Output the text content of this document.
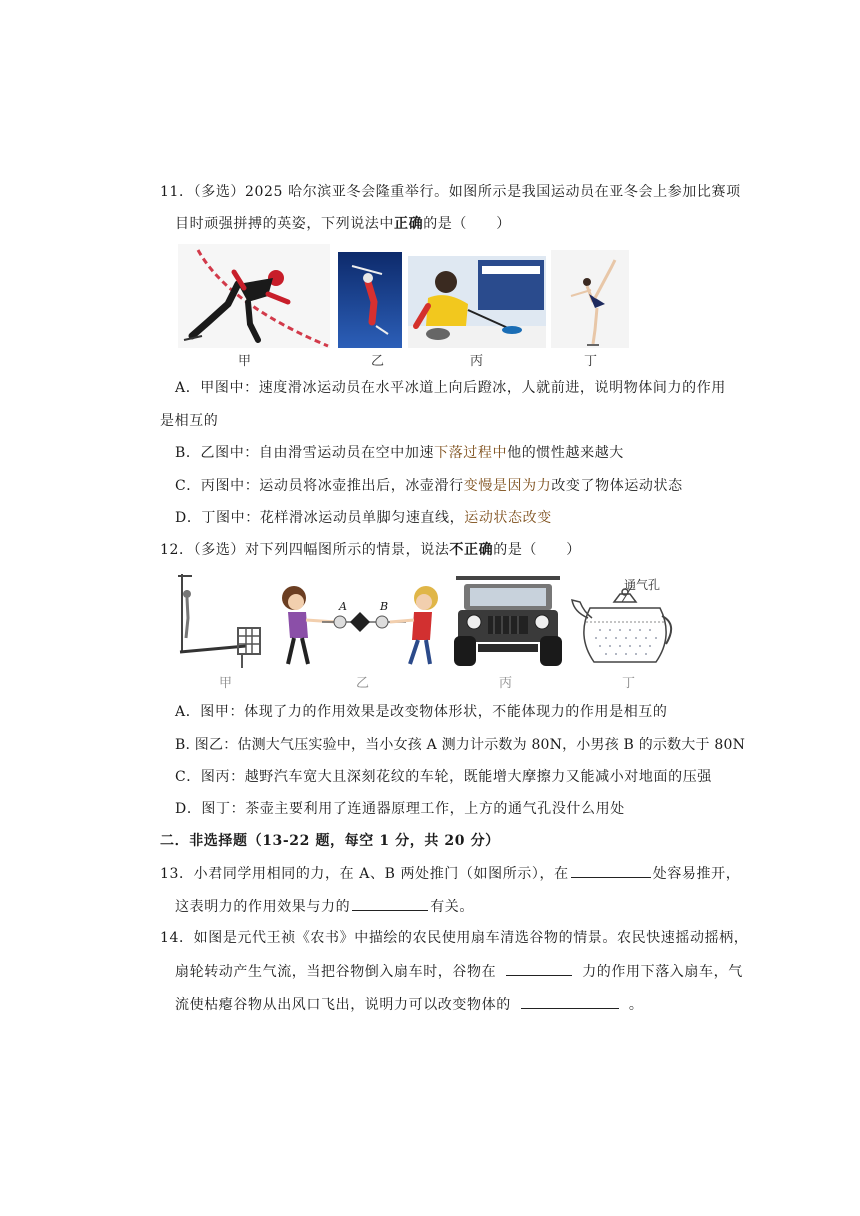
11．（多选）2025 哈尔滨亚冬会隆重举行。如图所示是我国运动员在亚冬会上参加比赛项
目时顽强拼搏的英姿，下列说法中正确的是（　　）
甲	乙	丙	丁
A．甲图中：速度滑冰运动员在水平冰道上向后蹬冰，人就前进，说明物体间力的作用
是相互的
B．乙图中：自由滑雪运动员在空中加速下落过程中他的惯性越来越大
C．丙图中：运动员将冰壶推出后，冰壶滑行变慢是因为力改变了物体运动状态
D．丁图中：花样滑冰运动员单脚匀速直线，运动状态改变
12．（多选）对下列四幅图所示的情景，说法不正确的是（　　）
A	B
通气孔
甲	乙	丙	丁
A．图甲：体现了力的作用效果是改变物体形状，不能体现力的作用是相互的
B. 图乙：估测大气压实验中，当小女孩 A 测力计示数为 80N，小男孩 B 的示数大于 80N
C．图丙：越野汽车宽大且深刻花纹的车轮，既能增大摩擦力又能减小对地面的压强
D．图丁：茶壶主要利用了连通器原理工作，上方的通气孔没什么用处
二．非选择题（13-22 题，每空 1 分，共 20 分）
13．小君同学用相同的力，在 A、B 两处推门（如图所示），在	处容易推开，
这表明力的作用效果与力的	有关。
14．如图是元代王祯《农书》中描绘的农民使用扇车清选谷物的情景。农民快速摇动摇柄，
扇轮转动产生气流，当把谷物倒入扇车时，谷物在	力的作用下落入扇车，气
流使枯瘪谷物从出风口飞出，说明力可以改变物体的	。
